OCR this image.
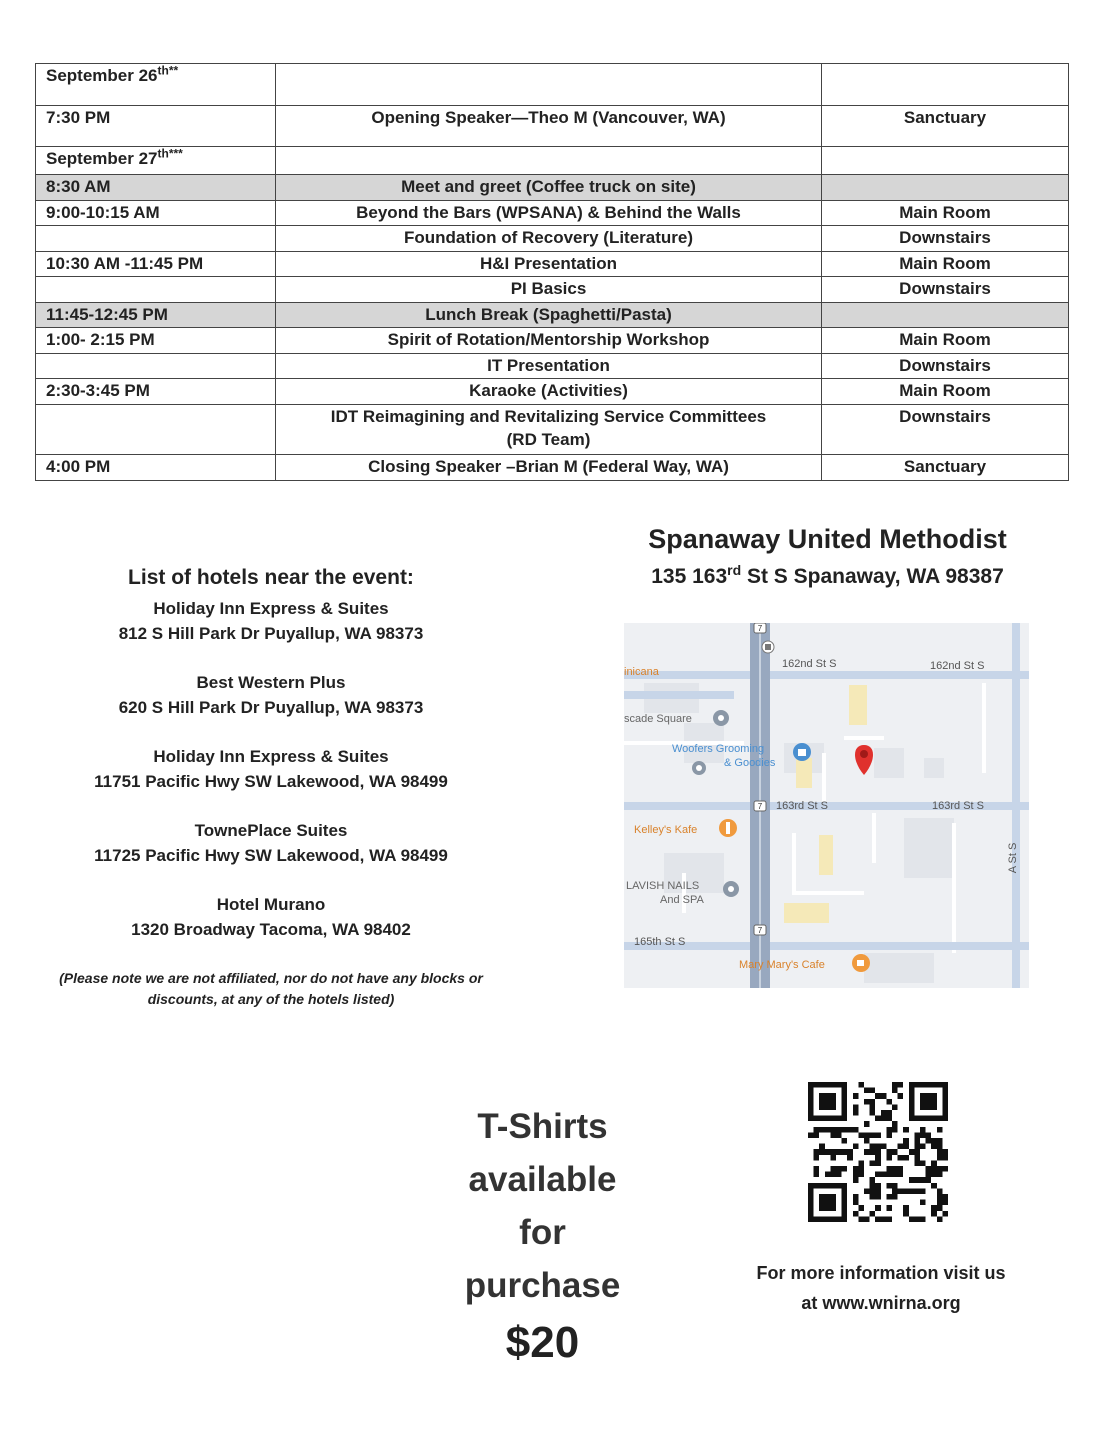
September $26^{th**}$		
7:30 PM	Opening Speaker—Theo M (Vancouver, WA)	Sanctuary
September $27^{th***}$		
8:30 AM	Meet and greet (Coffee truck on site)	
9:00-10:15 AM	Beyond the Bars (WPSANA) & Behind the Walls	Main Room
	Foundation of Recovery (Literature)	Downstairs
10:30 AM -11:45 PM	H&I Presentation	Main Room
	PI Basics	Downstairs
11:45-12:45 PM	Lunch Break (Spaghetti/Pasta)	
1:00- 2:15 PM	Spirit of Rotation/Mentorship Workshop	Main Room
	IT Presentation	Downstairs
2:30-3:45 PM	Karaoke (Activities)	Main Room
	IDT Reimagining and Revitalizing Service Committees
(RD Team)	Downstairs
4:00 PM	Closing Speaker –Brian M (Federal Way, WA)	Sanctuary
Spanaway United Methodist
135 163rd St S Spanaway, WA 98387
List of hotels near the event:
Holiday Inn Express & Suites
812 S Hill Park Dr Puyallup, WA 98373
Best Western Plus
620 S Hill Park Dr Puyallup, WA 98373
Holiday Inn Express & Suites
11751 Pacific Hwy SW Lakewood, WA 98499
TownePlace Suites
11725 Pacific Hwy SW Lakewood, WA 98499
Hotel Murano
1320 Broadway Tacoma, WA 98402
(Please note we are not affiliated, nor do not have any blocks or
discounts, at any of the hotels listed)
7
7
7
162nd St S	162nd St S
163rd St S	163rd St S
165th St S
A St S
inicana
scade Square
Woofers Grooming
& Goodies
Kelley's Kafe
LAVISH NAILS
And SPA
Mary Mary's Cafe
T-Shirts
available
for
purchase
$20
For more information visit us
at www.wnirna.org
